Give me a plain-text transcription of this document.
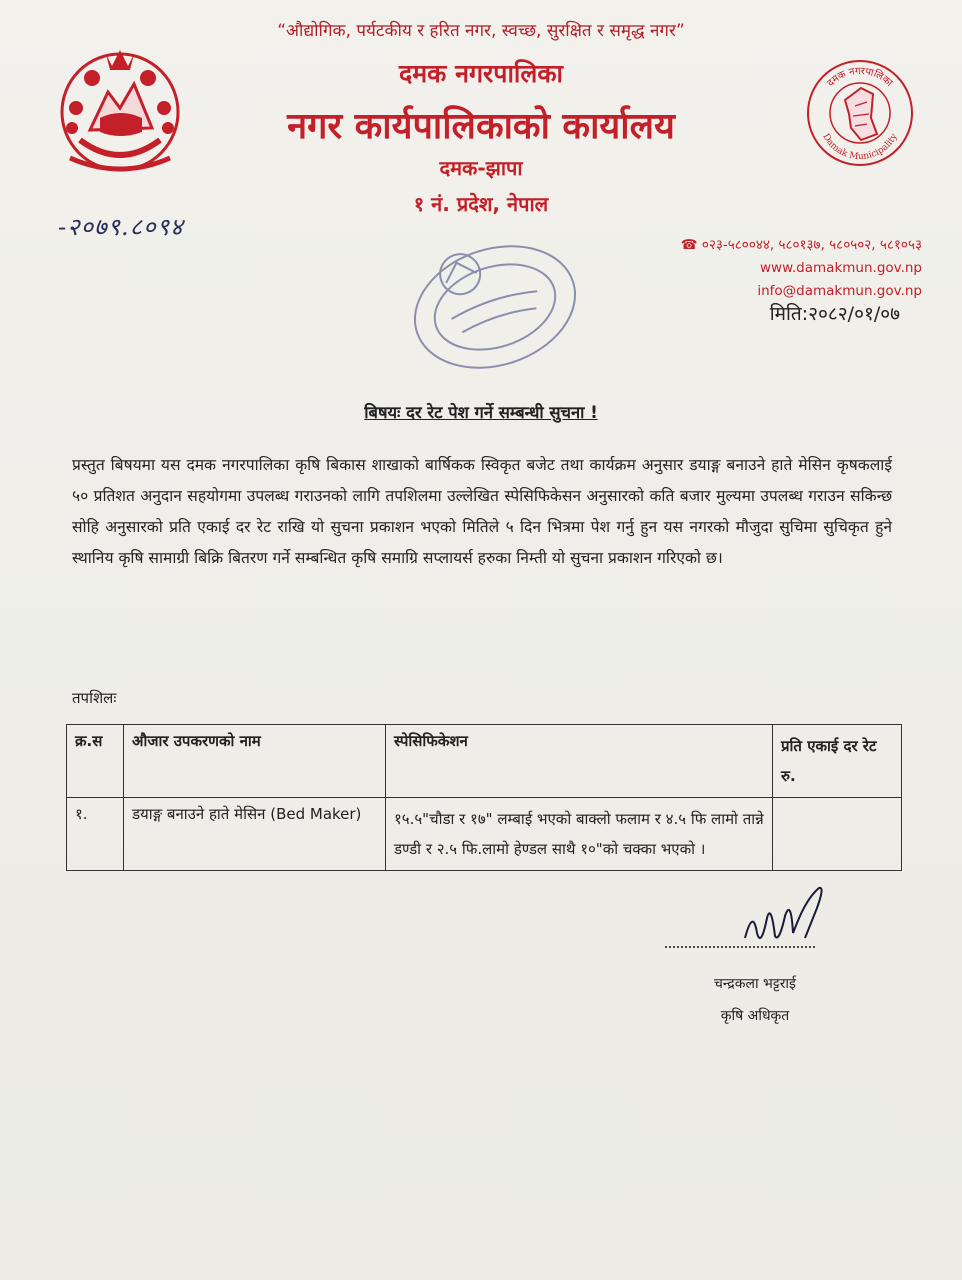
“औद्योगिक, पर्यटकीय र हरित नगर, स्वच्छ, सुरक्षित र समृद्ध नगर”
दमक नगरपालिका
नगर कार्यपालिकाको कार्यालय
दमक-झापा
१ नं. प्रदेश, नेपाल
दमक नगरपालिका
Damak Municipality
-२०७९.८०९४
☎ ०२३-५८००४४, ५८०१३७, ५८०५०२, ५८१०५३
www.damakmun.gov.np
info@damakmun.gov.np
मिति:२०८२/०१/०७
बिषयः दर रेट पेश गर्ने सम्बन्धी सुचना !
प्रस्तुत बिषयमा यस दमक नगरपालिका कृषि बिकास शाखाको बार्षिकक स्विकृत बजेट तथा कार्यक्रम अनुसार डयाङ्ग बनाउने हाते मेसिन कृषकलाई ५० प्रतिशत अनुदान सहयोगमा उपलब्ध गराउनको लागि तपशिलमा उल्लेखित स्पेसिफिकेसन अनुसारको कति बजार मुल्यमा उपलब्ध गराउन सकिन्छ सोहि अनुसारको प्रति एकाई दर रेट राखि यो सुचना प्रकाशन भएको मितिले ५ दिन भित्रमा पेश गर्नु हुन यस नगरको मौजुदा सुचिमा सुचिकृत हुने स्थानिय कृषि सामाग्री बिक्रि बितरण गर्ने सम्बन्धित कृषि समाग्रि सप्लायर्स हरुका निम्ती यो सुचना प्रकाशन गरिएको छ।
तपशिलः
क्र.स	औजार उपकरणको नाम	स्पेसिफिकेशन	प्रति एकाई दर रेट रु.
१.	डयाङ्ग बनाउने हाते मेसिन (Bed Maker)	१५.५"चौडा र १७" लम्बाई भएको बाक्लो फलाम र ४.५ फि लामो तान्ने डण्डी र २.५ फि.लामो हेण्डल साथै १०"को चक्का भएको ।	
चन्द्रकला भट्टराई
कृषि अधिकृत
